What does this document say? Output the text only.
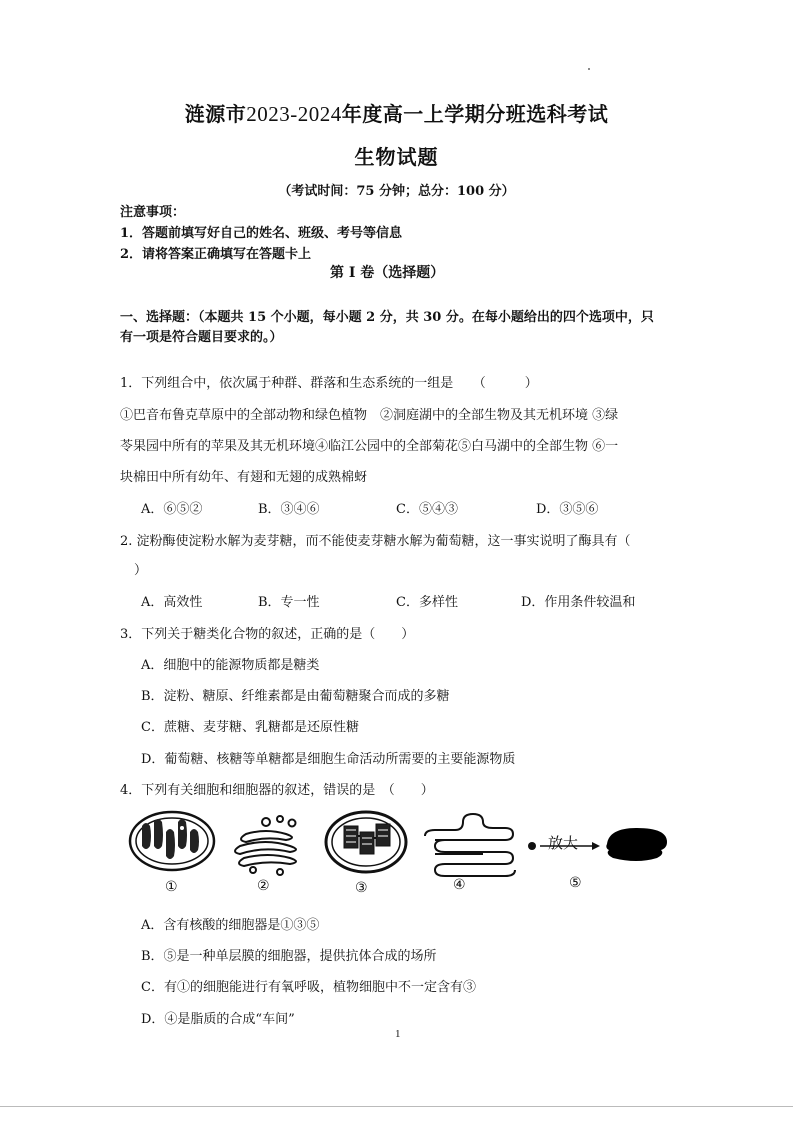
涟源市2023-2024年度高一上学期分班选科考试
生物试题
（考试时间：75 分钟；总分：100 分）
注意事项：
1．答题前填写好自己的姓名、班级、考号等信息
2．请将答案正确填写在答题卡上
第 I 卷（选择题）
一、选择题：（本题共 15 个小题，每小题 2 分，共 30 分。在每小题给出的四个选项中，只
有一项是符合题目要求的。）
1．下列组合中，依次属于种群、群落和生态系统的一组是　　（　　　）
①巴音布鲁克草原中的全部动物和绿色植物　②洞庭湖中的全部生物及其无机环境 ③绿
苓果园中所有的苹果及其无机环境④临江公园中的全部菊花⑤白马湖中的全部生物 ⑥一
块棉田中所有幼年、有翅和无翅的成熟棉蚜
A．⑥⑤②	B．③④⑥	C．⑤④③	D．③⑤⑥
2. 淀粉酶使淀粉水解为麦芽糖，而不能使麦芽糖水解为葡萄糖，这一事实说明了酶具有（
）
A．高效性	B．专一性	C．多样性	D．作用条件较温和
3．下列关于糖类化合物的叙述，正确的是（　　）
A．细胞中的能源物质都是糖类
B．淀粉、糖原、纤维素都是由葡萄糖聚合而成的多糖
C．蔗糖、麦芽糖、乳糖都是还原性糖
D．葡萄糖、核糖等单糖都是细胞生命活动所需要的主要能源物质
4．下列有关细胞和细胞器的叙述，错误的是　（　　）
放大
①	②	③	④	⑤
A．含有核酸的细胞器是①③⑤
B．⑤是一种单层膜的细胞器，提供抗体合成的场所
C．有①的细胞能进行有氧呼吸，植物细胞中不一定含有③
D．④是脂质的合成“车间”
1
